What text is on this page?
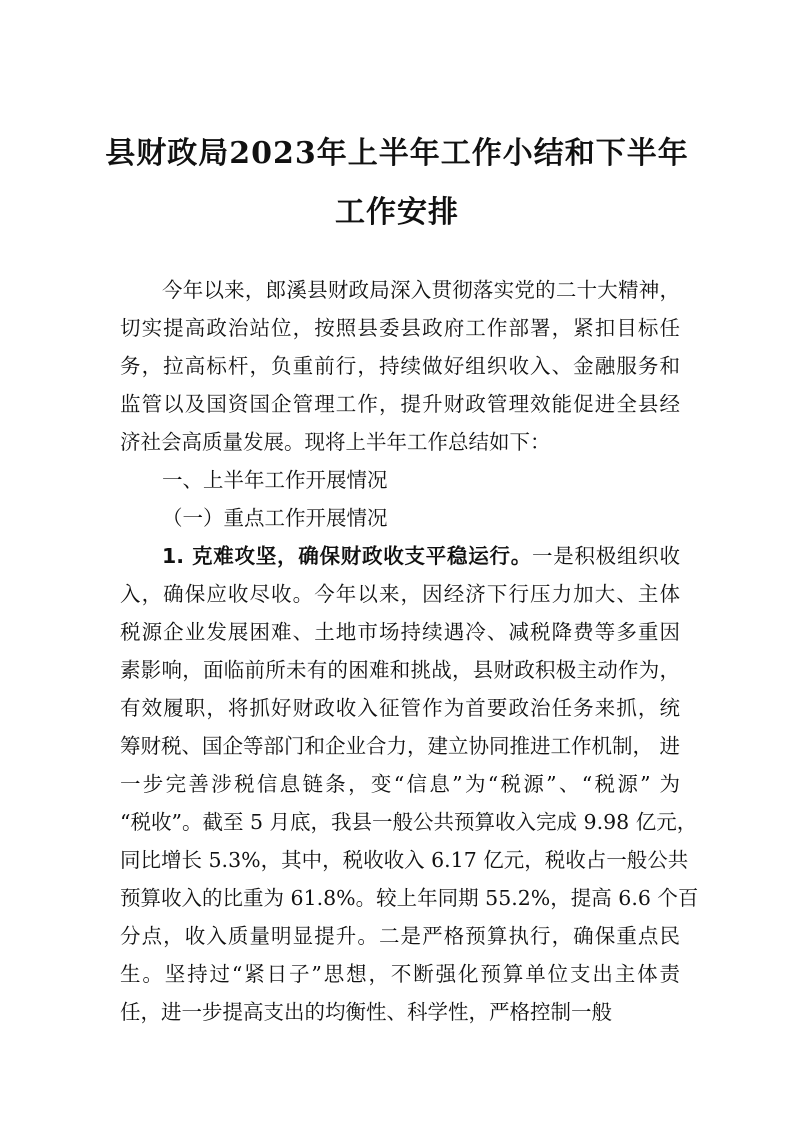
县财政局2023年上半年工作小结和下半年
工作安排
今年以来，郎溪县财政局深入贯彻落实党的二十大精神，
切实提高政治站位，按照县委县政府工作部署，紧扣目标任
务，拉高标杆，负重前行，持续做好组织收入、金融服务和
监管以及国资国企管理工作，提升财政管理效能促进全县经
济社会高质量发展。现将上半年工作总结如下：
一、上半年工作开展情况
（一）重点工作开展情况
1. 克难攻坚，确保财政收支平稳运行。一是积极组织收
入，确保应收尽收。今年以来，因经济下行压力加大、主体
税源企业发展困难、土地市场持续遇冷、减税降费等多重因
素影响，面临前所未有的困难和挑战，县财政积极主动作为，
有效履职，将抓好财政收入征管作为首要政治任务来抓，统
筹财税、国企等部门和企业合力，建立协同推进工作机制， 进
一步完善涉税信息链条，变“信息”为“税源”、“税源” 为
“税收”。截至 5 月底，我县一般公共预算收入完成 9.98 亿元，
同比增长 5.3%，其中，税收收入 6.17 亿元，税收占一般公共
预算收入的比重为 61.8%。较上年同期 55.2%，提高 6.6 个百
分点，收入质量明显提升。二是严格预算执行，确保重点民
生。坚持过“紧日子”思想，不断强化预算单位支出主体责
任，进一步提高支出的均衡性、科学性，严格控制一般
